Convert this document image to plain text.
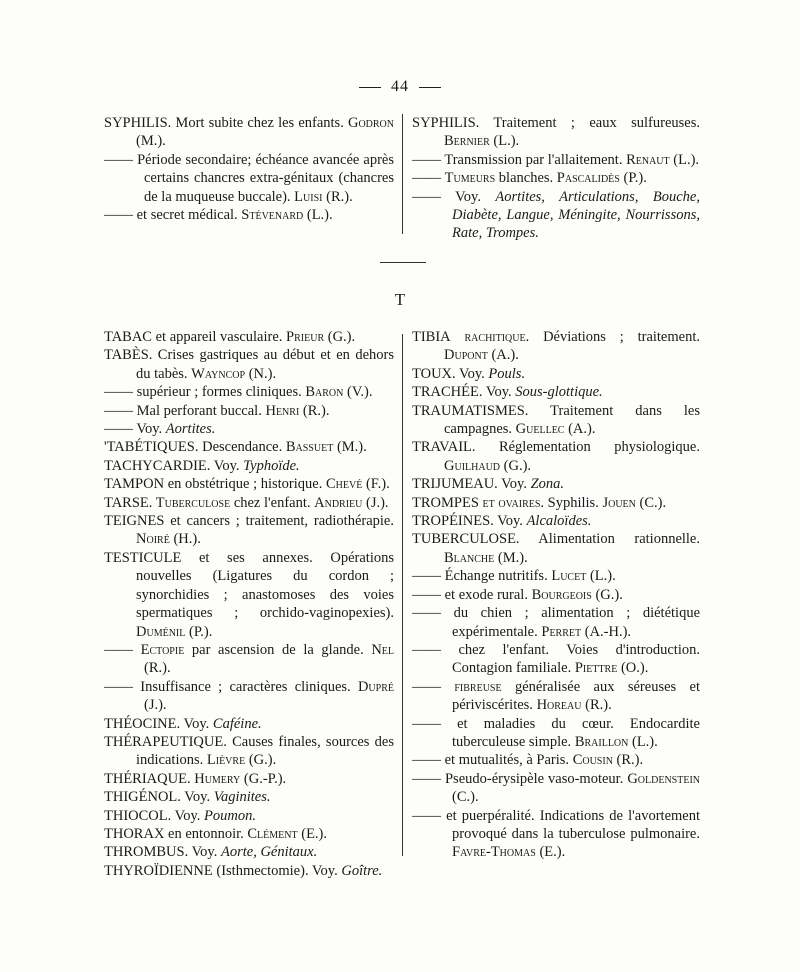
44
SYPHILIS. Mort subite chez les enfants. Godron (M.).
—— Période secondaire; échéance avancée après certains chancres extra-génitaux (chancres de la muqueuse buccale). Luisi (R.).
—— et secret médical. Stévenard (L.).
SYPHILIS. Traitement ; eaux sulfureuses. Bernier (L.).
—— Transmission par l'allaitement. Renaut (L.).
—— Tumeurs blanches. Pascalidès (P.).
—— Voy. Aortites, Articulations, Bouche, Diabète, Langue, Méningite, Nourrissons, Rate, Trompes.
T
TABAC et appareil vasculaire. Prieur (G.).
TABÈS. Crises gastriques au début et en dehors du tabès. Wayncop (N.).
—— supérieur ; formes cliniques. Baron (V.).
—— Mal perforant buccal. Henri (R.).
—— Voy. Aortites.
'TABÉTIQUES. Descendance. Bassuet (M.).
TACHYCARDIE. Voy. Typhoïde.
TAMPON en obstétrique ; historique. Chevé (F.).
TARSE. Tuberculose chez l'enfant. Andrieu (J.).
TEIGNES et cancers ; traitement, radiothérapie. Noiré (H.).
TESTICULE et ses annexes. Opérations nouvelles (Ligatures du cordon ; synorchidies ; anastomoses des voies spermatiques ; orchido-vaginopexies). Duménil (P.).
—— Ectopie par ascension de la glande. Nel (R.).
—— Insuffisance ; caractères cliniques. Dupré (J.).
THÉOCINE. Voy. Caféine.
THÉRAPEUTIQUE. Causes finales, sources des indications. Lièvre (G.).
THÉRIAQUE. Humery (G.-P.).
THIGÉNOL. Voy. Vaginites.
THIOCOL. Voy. Poumon.
THORAX en entonnoir. Clément (E.).
THROMBUS. Voy. Aorte, Génitaux.
THYROÏDIENNE (Isthmectomie). Voy. Goître.
TIBIA rachitique. Déviations ; traitement. Dupont (A.).
TOUX. Voy. Pouls.
TRACHÉE. Voy. Sous-glottique.
TRAUMATISMES. Traitement dans les campagnes. Guellec (A.).
TRAVAIL. Réglementation physiologique. Guilhaud (G.).
TRIJUMEAU. Voy. Zona.
TROMPES et ovaires. Syphilis. Jouen (C.).
TROPÉINES. Voy. Alcaloïdes.
TUBERCULOSE. Alimentation rationnelle. Blanche (M.).
—— Échange nutritifs. Lucet (L.).
—— et exode rural. Bourgeois (G.).
—— du chien ; alimentation ; diététique expérimentale. Perret (A.-H.).
—— chez l'enfant. Voies d'introduction. Contagion familiale. Piettre (O.).
—— fibreuse généralisée aux séreuses et périviscérites. Horeau (R.).
—— et maladies du cœur. Endocardite tuberculeuse simple. Braillon (L.).
—— et mutualités, à Paris. Cousin (R.).
—— Pseudo-érysipèle vaso-moteur. Goldenstein (C.).
—— et puerpéralité. Indications de l'avortement provoqué dans la tuberculose pulmonaire. Favre-Thomas (E.).
